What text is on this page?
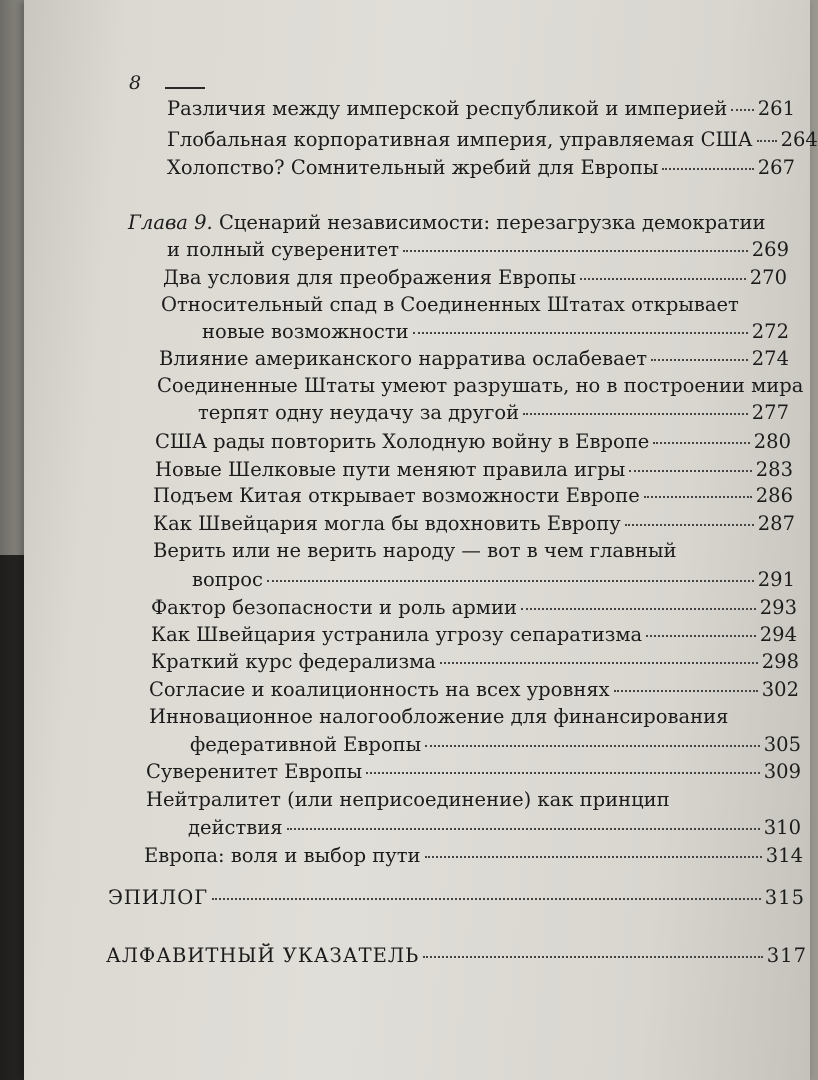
8
Различия между имперской республикой и империей 261
Глобальная корпоративная империя, управляемая США 264
Холопство? Сомнительный жребий для Европы	267
Глава 9. Сценарий независимости: перезагрузка демократии
и полный суверенитет	269
Два условия для преображения Европы	270
Относительный спад в Соединенных Штатах открывает
новые возможности	272
Влияние американского нарратива ослабевает	274
Соединенные Штаты умеют разрушать, но в построении мира
терпят одну неудачу за другой	277
США рады повторить Холодную войну в Европе	280
Новые Шелковые пути меняют правила игры	283
Подъем Китая открывает возможности Европе	286
Как Швейцария могла бы вдохновить Европу	287
Верить или не верить народу — вот в чем главный
вопрос	291
Фактор безопасности и роль армии	293
Как Швейцария устранила угрозу сепаратизма	294
Краткий курс федерализма	298
Согласие и коалиционность на всех уровнях	302
Инновационное налогообложение для финансирования
федеративной Европы	305
Суверенитет Европы	309
Нейтралитет (или неприсоединение) как принцип
действия	310
Европа: воля и выбор пути	314
ЭПИЛОГ	315
АЛФАВИТНЫЙ УКАЗАТЕЛЬ	317
